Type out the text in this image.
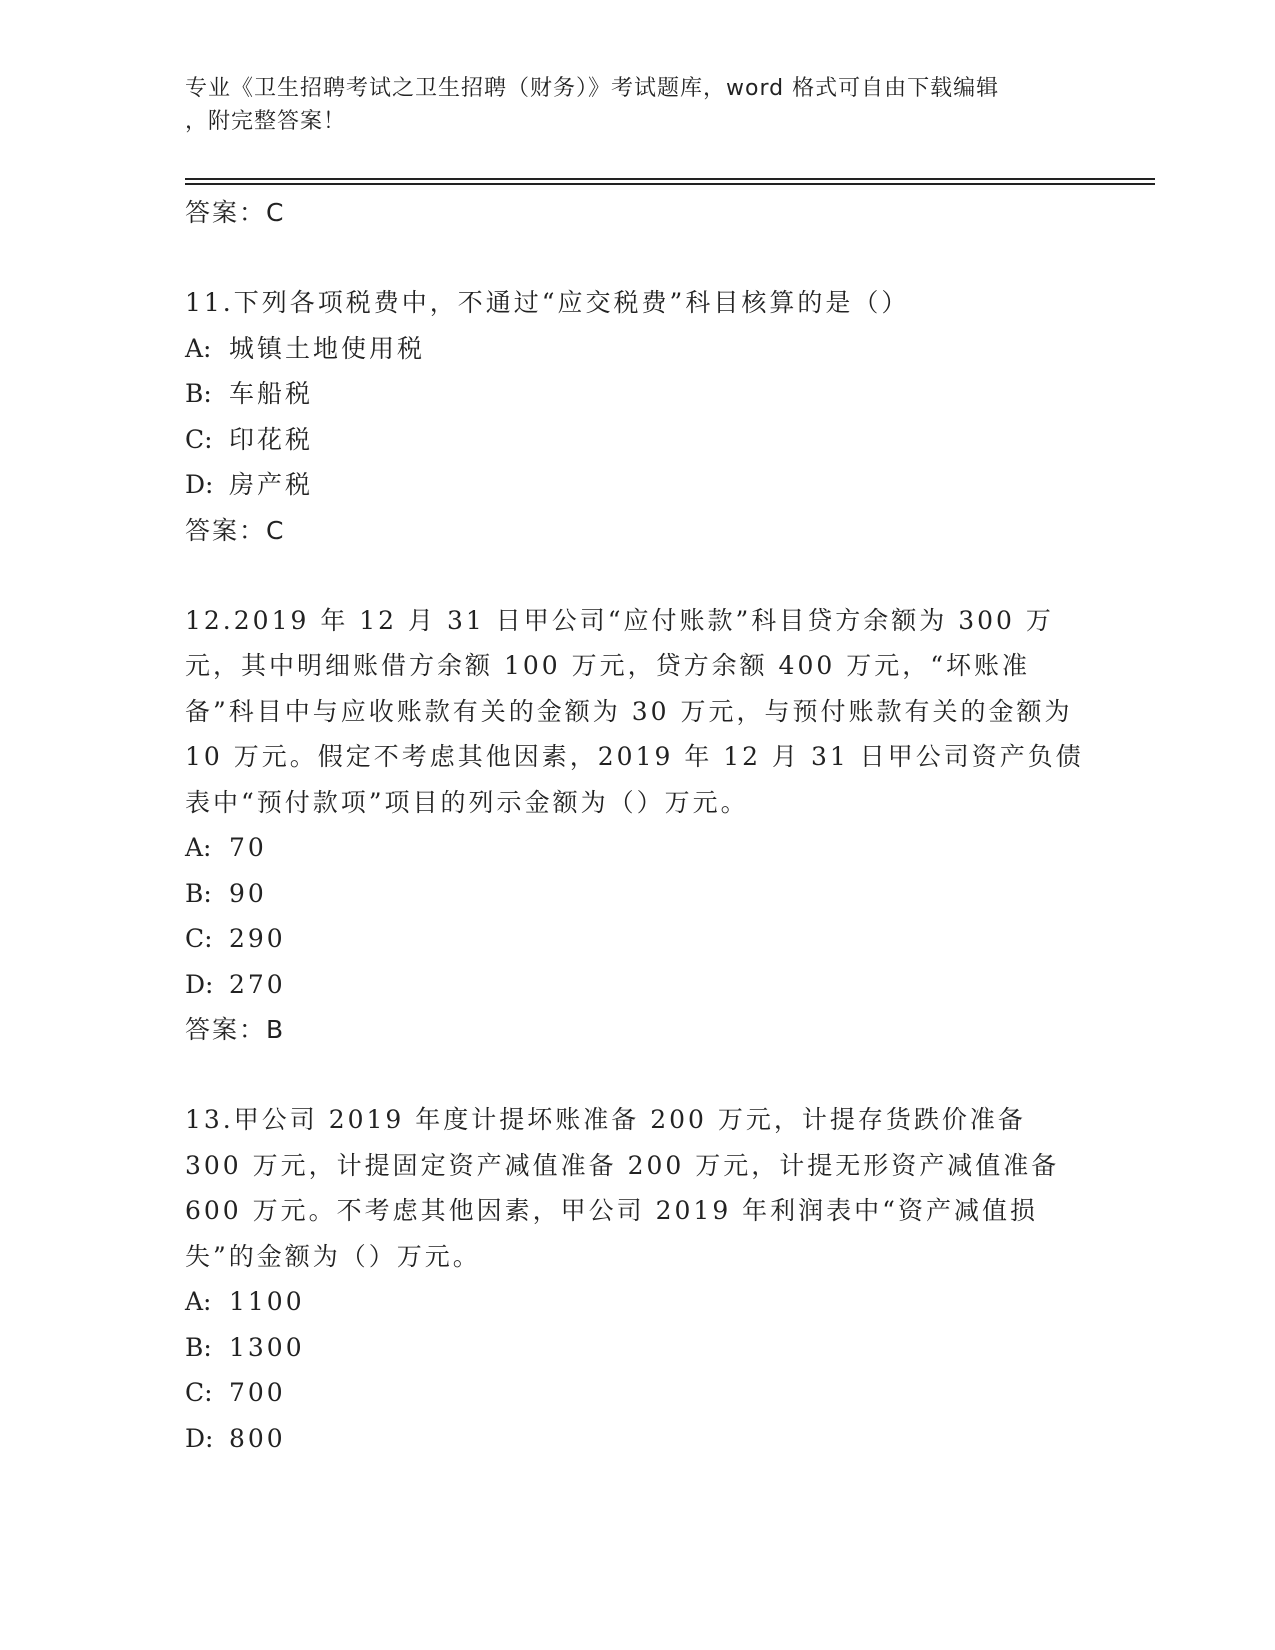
专业《卫生招聘考试之卫生招聘（财务）》考试题库，word 格式可自由下载编辑
，附完整答案！
答案：C
11.下列各项税费中，不通过“应交税费”科目核算的是（）
A: 城镇土地使用税
B: 车船税
C: 印花税
D: 房产税
答案：C
12.2019 年 12 月 31 日甲公司“应付账款”科目贷方余额为 300 万元，其中明细账借方余额 100 万元，贷方余额 400 万元，“坏账准备”科目中与应收账款有关的金额为 30 万元，与预付账款有关的金额为 10 万元。假定不考虑其他因素，2019 年 12 月 31 日甲公司资产负债表中“预付款项”项目的列示金额为（）万元。
A: 70
B: 90
C: 290
D: 270
答案：B
13.甲公司 2019 年度计提坏账准备 200 万元，计提存货跌价准备 300 万元，计提固定资产减值准备 200 万元，计提无形资产减值准备 600 万元。不考虑其他因素，甲公司 2019 年利润表中“资产减值损失”的金额为（）万元。
A: 1100
B: 1300
C: 700
D: 800
